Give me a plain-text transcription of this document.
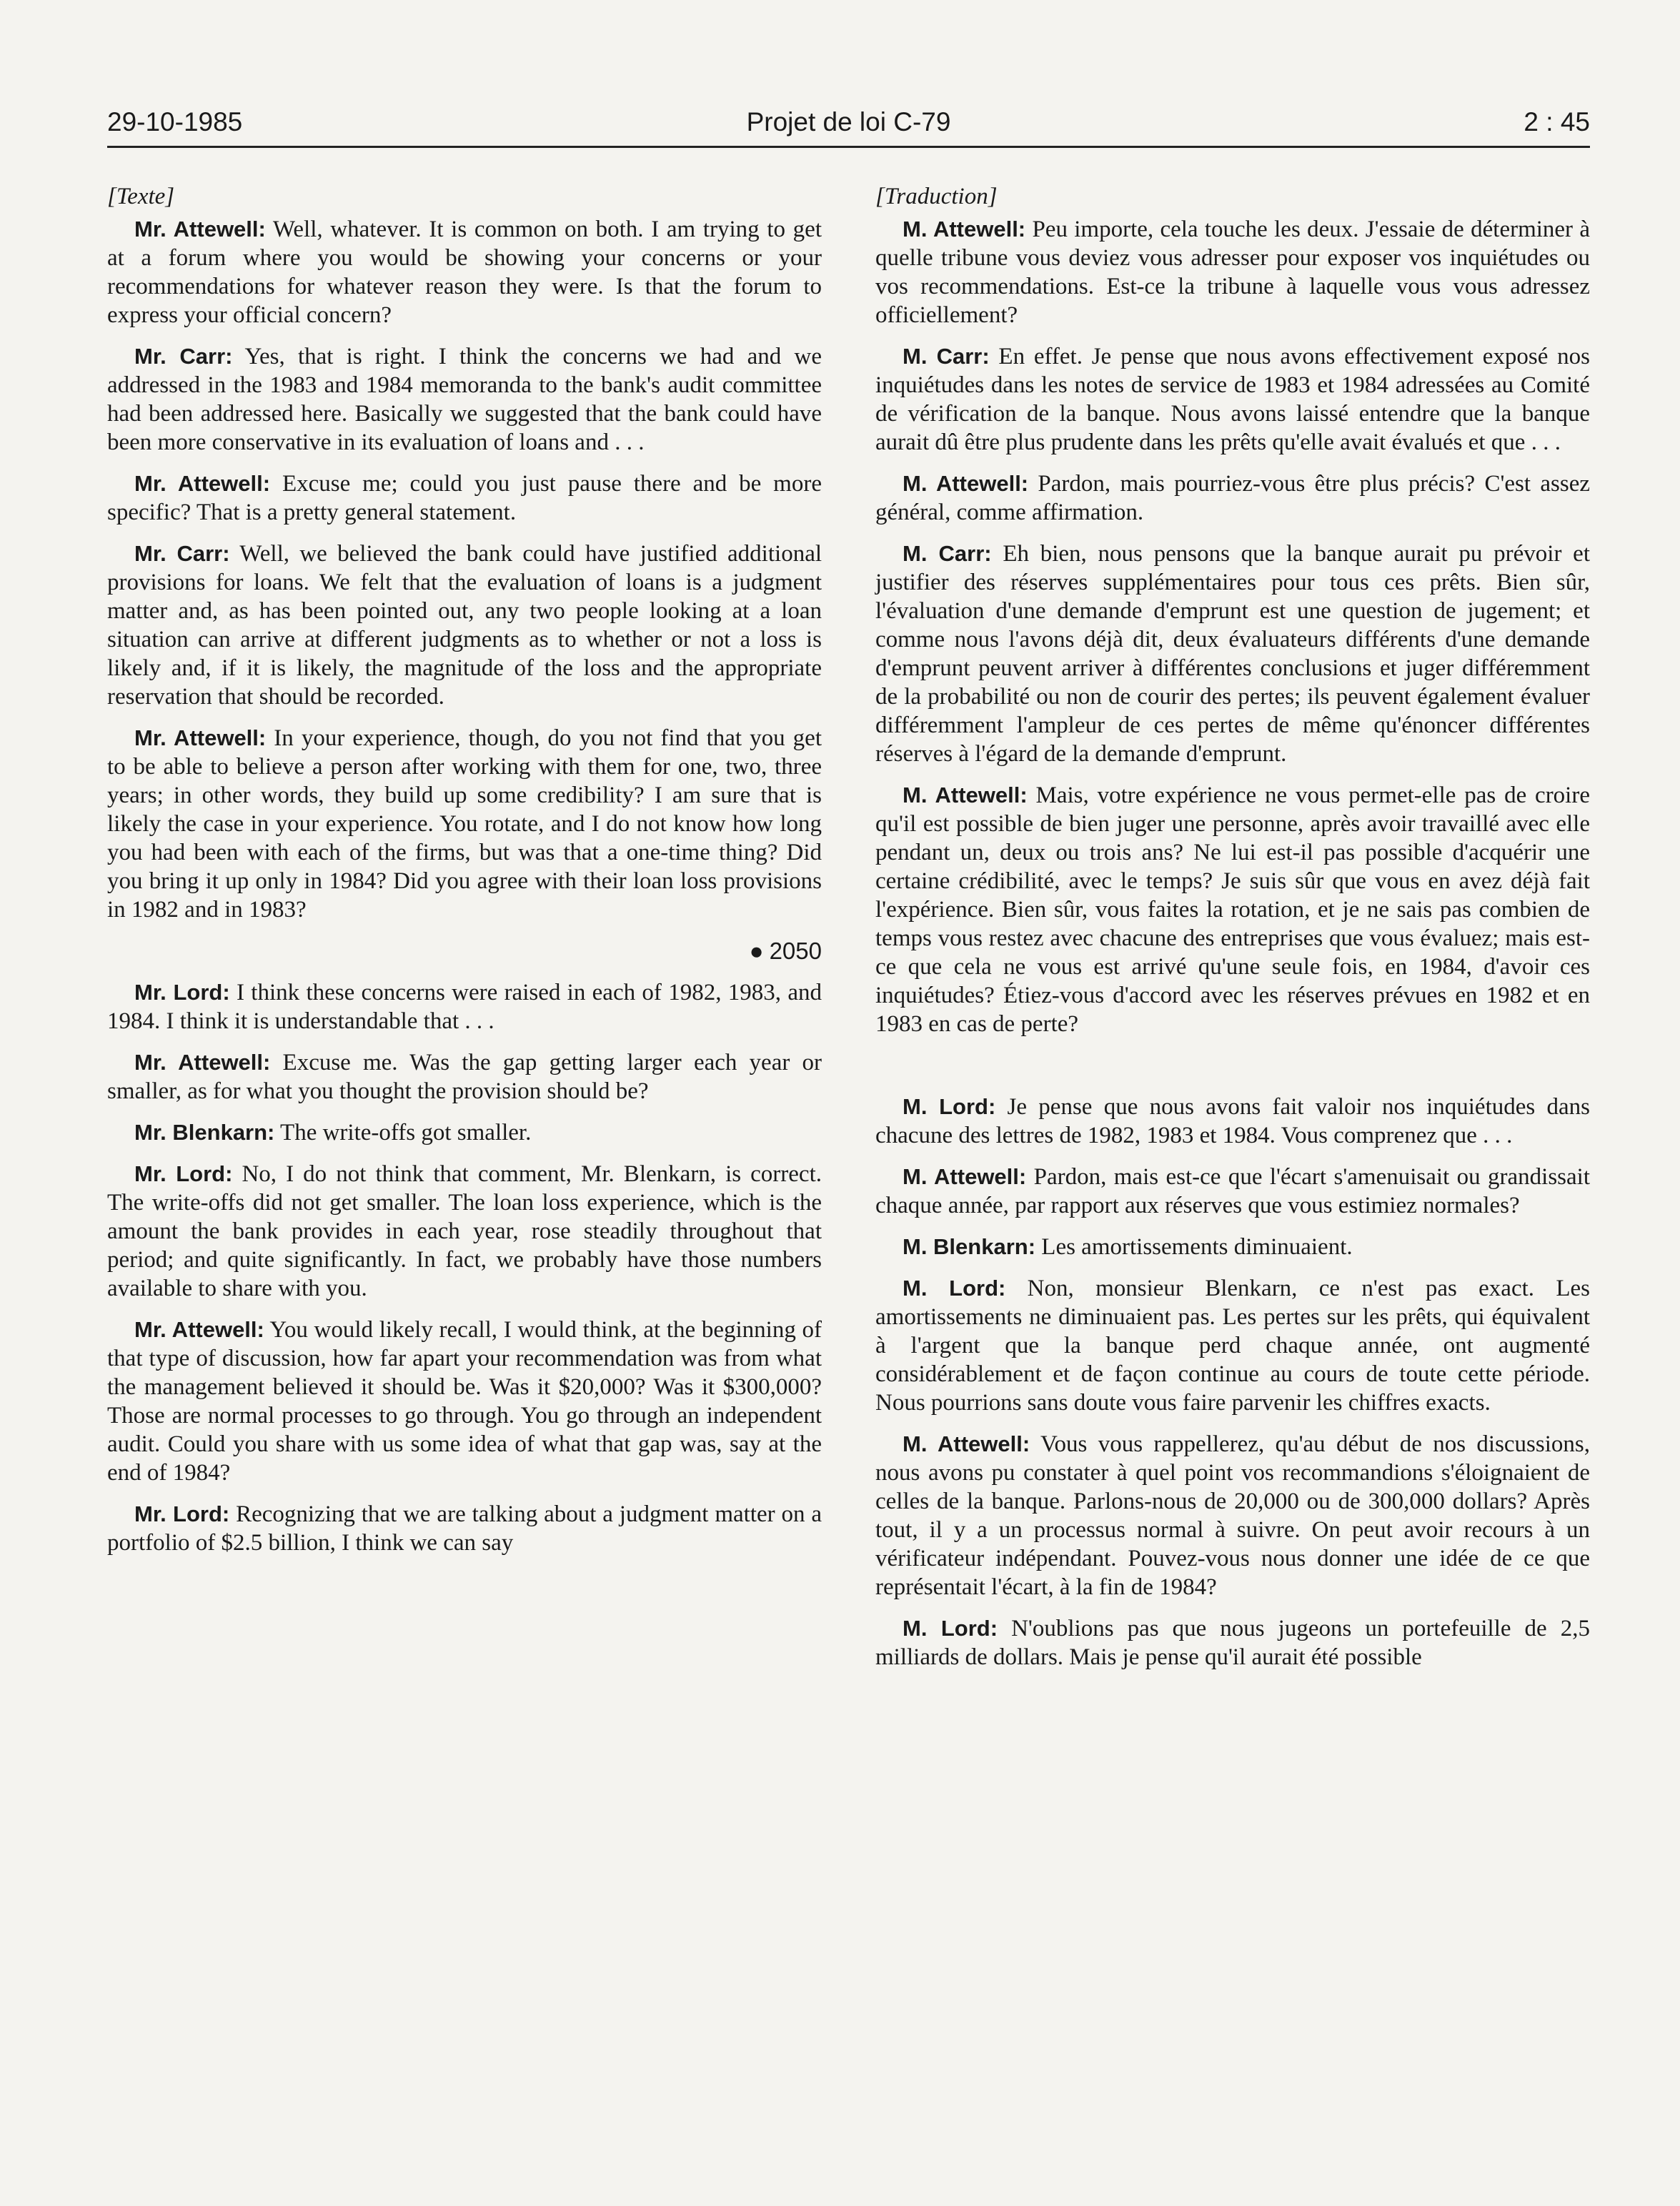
29-10-1985	Projet de loi C-79	2 : 45

[Texte]

Mr. Attewell: Well, whatever. It is common on both. I am trying to get at a forum where you would be showing your concerns or your recommendations for whatever reason they were. Is that the forum to express your official concern?

Mr. Carr: Yes, that is right. I think the concerns we had and we addressed in the 1983 and 1984 memoranda to the bank's audit committee had been addressed here. Basically we suggested that the bank could have been more conservative in its evaluation of loans and . . .

Mr. Attewell: Excuse me; could you just pause there and be more specific? That is a pretty general statement.

Mr. Carr: Well, we believed the bank could have justified additional provisions for loans. We felt that the evaluation of loans is a judgment matter and, as has been pointed out, any two people looking at a loan situation can arrive at different judgments as to whether or not a loss is likely and, if it is likely, the magnitude of the loss and the appropriate reservation that should be recorded.

Mr. Attewell: In your experience, though, do you not find that you get to be able to believe a person after working with them for one, two, three years; in other words, they build up some credibility? I am sure that is likely the case in your experience. You rotate, and I do not know how long you had been with each of the firms, but was that a one-time thing? Did you bring it up only in 1984? Did you agree with their loan loss provisions in 1982 and in 1983?

● 2050

Mr. Lord: I think these concerns were raised in each of 1982, 1983, and 1984. I think it is understandable that . . .

Mr. Attewell: Excuse me. Was the gap getting larger each year or smaller, as for what you thought the provision should be?

Mr. Blenkarn: The write-offs got smaller.

Mr. Lord: No, I do not think that comment, Mr. Blenkarn, is correct. The write-offs did not get smaller. The loan loss experience, which is the amount the bank provides in each year, rose steadily throughout that period; and quite significantly. In fact, we probably have those numbers available to share with you.

Mr. Attewell: You would likely recall, I would think, at the beginning of that type of discussion, how far apart your recommendation was from what the management believed it should be. Was it $20,000? Was it $300,000? Those are normal processes to go through. You go through an independent audit. Could you share with us some idea of what that gap was, say at the end of 1984?

Mr. Lord: Recognizing that we are talking about a judgment matter on a portfolio of $2.5 billion, I think we can say

[Traduction]

M. Attewell: Peu importe, cela touche les deux. J'essaie de déterminer à quelle tribune vous deviez vous adresser pour exposer vos inquiétudes ou vos recommendations. Est-ce la tribune à laquelle vous vous adressez officiellement?

M. Carr: En effet. Je pense que nous avons effectivement exposé nos inquiétudes dans les notes de service de 1983 et 1984 adressées au Comité de vérification de la banque. Nous avons laissé entendre que la banque aurait dû être plus prudente dans les prêts qu'elle avait évalués et que . . .

M. Attewell: Pardon, mais pourriez-vous être plus précis? C'est assez général, comme affirmation.

M. Carr: Eh bien, nous pensons que la banque aurait pu prévoir et justifier des réserves supplémentaires pour tous ces prêts. Bien sûr, l'évaluation d'une demande d'emprunt est une question de jugement; et comme nous l'avons déjà dit, deux évaluateurs différents d'une demande d'emprunt peuvent arriver à différentes conclusions et juger différemment de la probabilité ou non de courir des pertes; ils peuvent également évaluer différemment l'ampleur de ces pertes de même qu'énoncer différentes réserves à l'égard de la demande d'emprunt.

M. Attewell: Mais, votre expérience ne vous permet-elle pas de croire qu'il est possible de bien juger une personne, après avoir travaillé avec elle pendant un, deux ou trois ans? Ne lui est-il pas possible d'acquérir une certaine crédibilité, avec le temps? Je suis sûr que vous en avez déjà fait l'expérience. Bien sûr, vous faites la rotation, et je ne sais pas combien de temps vous restez avec chacune des entreprises que vous évaluez; mais est-ce que cela ne vous est arrivé qu'une seule fois, en 1984, d'avoir ces inquiétudes? Étiez-vous d'accord avec les réserves prévues en 1982 et en 1983 en cas de perte?

M. Lord: Je pense que nous avons fait valoir nos inquiétudes dans chacune des lettres de 1982, 1983 et 1984. Vous comprenez que . . .

M. Attewell: Pardon, mais est-ce que l'écart s'amenuisait ou grandissait chaque année, par rapport aux réserves que vous estimiez normales?

M. Blenkarn: Les amortissements diminuaient.

M. Lord: Non, monsieur Blenkarn, ce n'est pas exact. Les amortissements ne diminuaient pas. Les pertes sur les prêts, qui équivalent à l'argent que la banque perd chaque année, ont augmenté considérablement et de façon continue au cours de toute cette période. Nous pourrions sans doute vous faire parvenir les chiffres exacts.

M. Attewell: Vous vous rappellerez, qu'au début de nos discussions, nous avons pu constater à quel point vos recommandions s'éloignaient de celles de la banque. Parlons-nous de 20,000 ou de 300,000 dollars? Après tout, il y a un processus normal à suivre. On peut avoir recours à un vérificateur indépendant. Pouvez-vous nous donner une idée de ce que représentait l'écart, à la fin de 1984?

M. Lord: N'oublions pas que nous jugeons un portefeuille de 2,5 milliards de dollars. Mais je pense qu'il aurait été possible
